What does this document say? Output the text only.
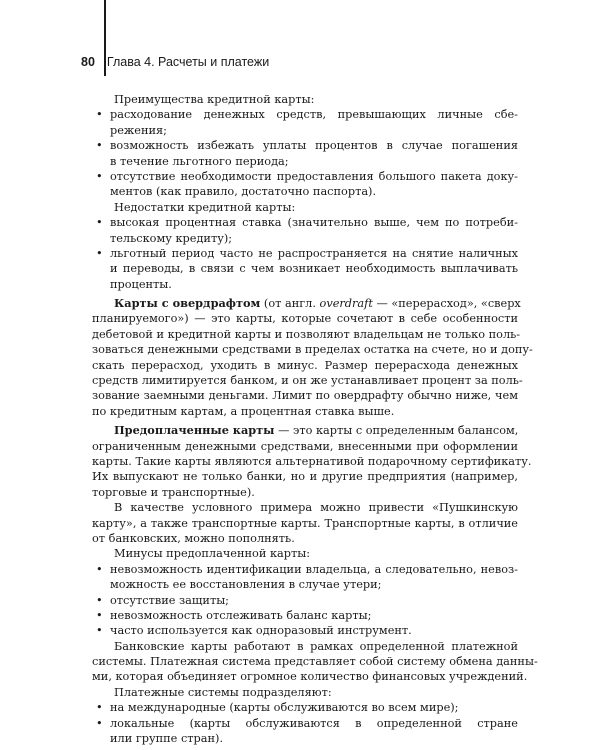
80 Глава 4. Расчеты и платежи
Преимущества кредитной карты:
• расходование денежных средств, превышающих личные сбе-
режения;
• возможность избежать уплаты процентов в случае погашения
в течение льготного периода;
• отсутствие необходимости предоставления большого пакета доку-
ментов (как правило, достаточно паспорта).
Недостатки кредитной карты:
• высокая процентная ставка (значительно выше, чем по потреби-
тельскому кредиту);
• льготный период часто не распространяется на снятие наличных
и переводы, в связи с чем возникает необходимость выплачивать
проценты.
Карты с овердрафтом (от англ. overdraft — «перерасход», «сверх
планируемого») — это карты, которые сочетают в себе особенности
дебетовой и кредитной карты и позволяют владельцам не только поль-
зоваться денежными средствами в пределах остатка на счете, но и допу-
скать перерасход, уходить в минус. Размер перерасхода денежных
средств лимитируется банком, и он же устанавливает процент за поль-
зование заемными деньгами. Лимит по овердрафту обычно ниже, чем
по кредитным картам, а процентная ставка выше.
Предоплаченные карты — это карты с определенным балансом,
ограниченным денежными средствами, внесенными при оформлении
карты. Такие карты являются альтернативой подарочному сертификату.
Их выпускают не только банки, но и другие предприятия (например,
торговые и транспортные).
В качестве условного примера можно привести «Пушкинскую
карту», а также транспортные карты. Транспортные карты, в отличие
от банковских, можно пополнять.
Минусы предоплаченной карты:
• невозможность идентификации владельца, а следовательно, невоз-
можность ее восстановления в случае утери;
• отсутствие защиты;
• невозможность отслеживать баланс карты;
• часто используется как одноразовый инструмент.
Банковские карты работают в рамках определенной платежной
системы. Платежная система представляет собой систему обмена данны-
ми, которая объединяет огромное количество финансовых учреждений.
Платежные системы подразделяют:
• на международные (карты обслуживаются во всем мире);
• локальные (карты обслуживаются в определенной стране
или группе стран).
